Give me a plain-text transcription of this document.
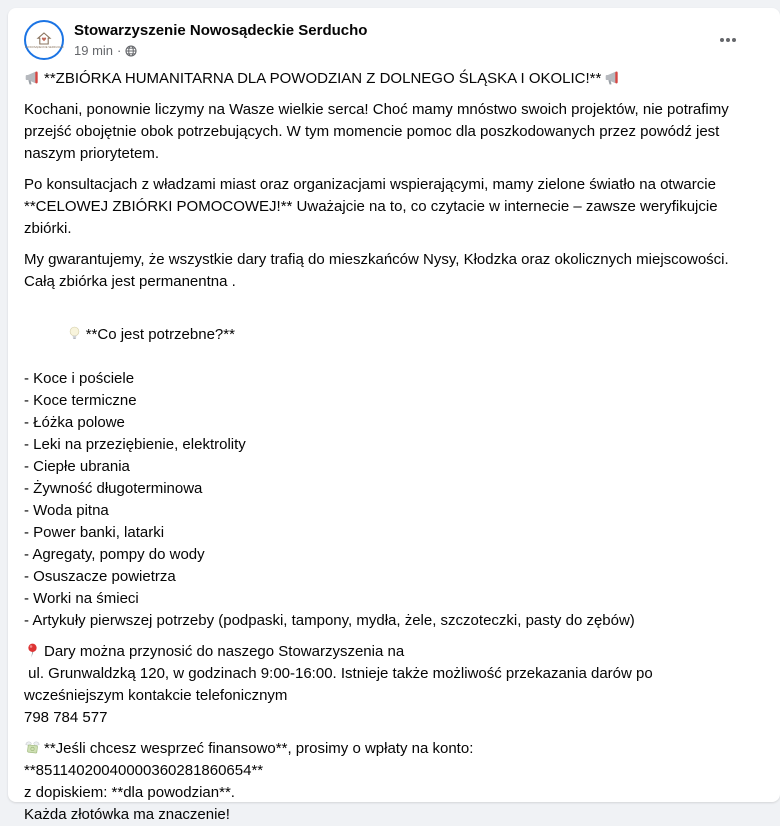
NOWOSĄDECKIE SERDUCHO
Stowarzyszenie Nowosądeckie Serducho
19 min ·
**ZBIÓRKA HUMANITARNA DLA POWODZIAN Z DOLNEGO ŚLĄSKA I OKOLIC!**

Kochani, ponownie liczymy na Wasze wielkie serca! Choć mamy mnóstwo swoich projektów, nie potrafimy przejść obojętnie obok potrzebujących. W tym momencie pomoc dla poszkodowanych przez powódź jest naszym priorytetem.

Po konsultacjach z władzami miast oraz organizacjami wspierającymi, mamy zielone światło na otwarcie **CELOWEJ ZBIÓRKI POMOCOWEJ!** Uważajcie na to, co czytacie w internecie – zawsze weryfikujcie zbiórki.

My gwarantujemy, że wszystkie dary trafią do mieszkańców Nysy, Kłodzka oraz okolicznych miejscowości. Całą zbiórka jest permanentna .

**Co jest potrzebne?**

- Koce i pościele
- Koce termiczne
- Łóżka polowe
- Leki na przeziębienie, elektrolity
- Ciepłe ubrania
- Żywność długoterminowa
- Woda pitna
- Power banki, latarki
- Agregaty, pompy do wody
- Osuszacze powietrza
- Worki na śmieci
- Artykuły pierwszej potrzeby (podpaski, tampony, mydła, żele, szczoteczki, pasty do zębów)
Dary można przynosić do naszego Stowarzyszenia na
ul. Grunwaldzką 120, w godzinach 9:00-16:00. Istnieje także możliwość przekazania darów po wcześniejszym kontakcie telefonicznym
798 784 577
**Jeśli chcesz wesprzeć finansowo**, prosimy o wpłaty na konto:
**85114020040000360281860654**
z dopiskiem: **dla powodzian**.
Każda złotówka ma znaczenie!
